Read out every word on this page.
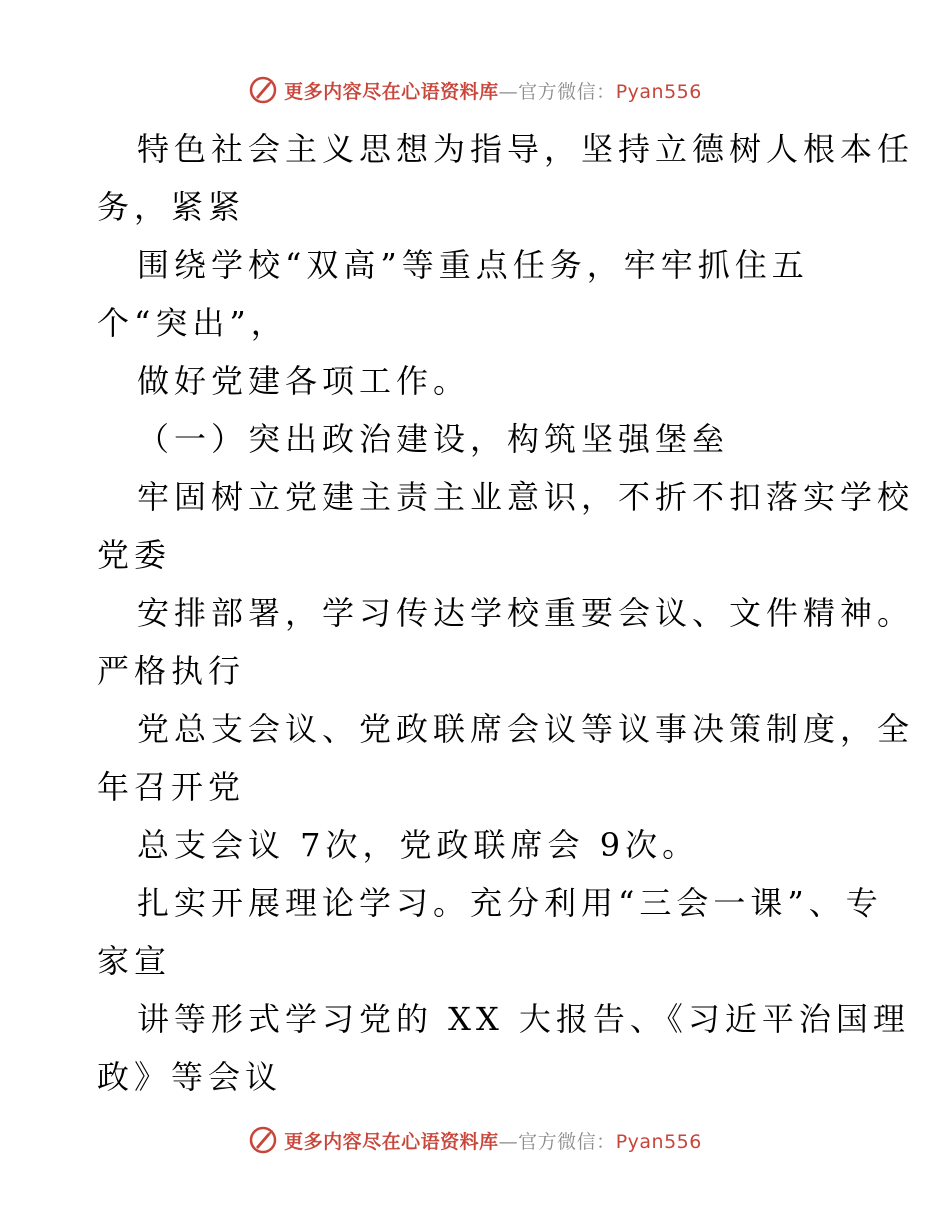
更多内容尽在心语资料库—官方微信：Pyan556
特色社会主义思想为指导，坚持立德树人根本任
务，紧紧
围绕学校“双高”等重点任务，牢牢抓住五
个“突出”，
做好党建各项工作。
（一）突出政治建设，构筑坚强堡垒
牢固树立党建主责主业意识，不折不扣落实学校
党委
安排部署，学习传达学校重要会议、文件精神。
严格执行
党总支会议、党政联席会议等议事决策制度，全
年召开党
总支会议 7次，党政联席会 9次。
扎实开展理论学习。充分利用“三会一课”、专
家宣
讲等形式学习党的 XX 大报告、《习近平治国理
政》等会议
更多内容尽在心语资料库—官方微信：Pyan556
